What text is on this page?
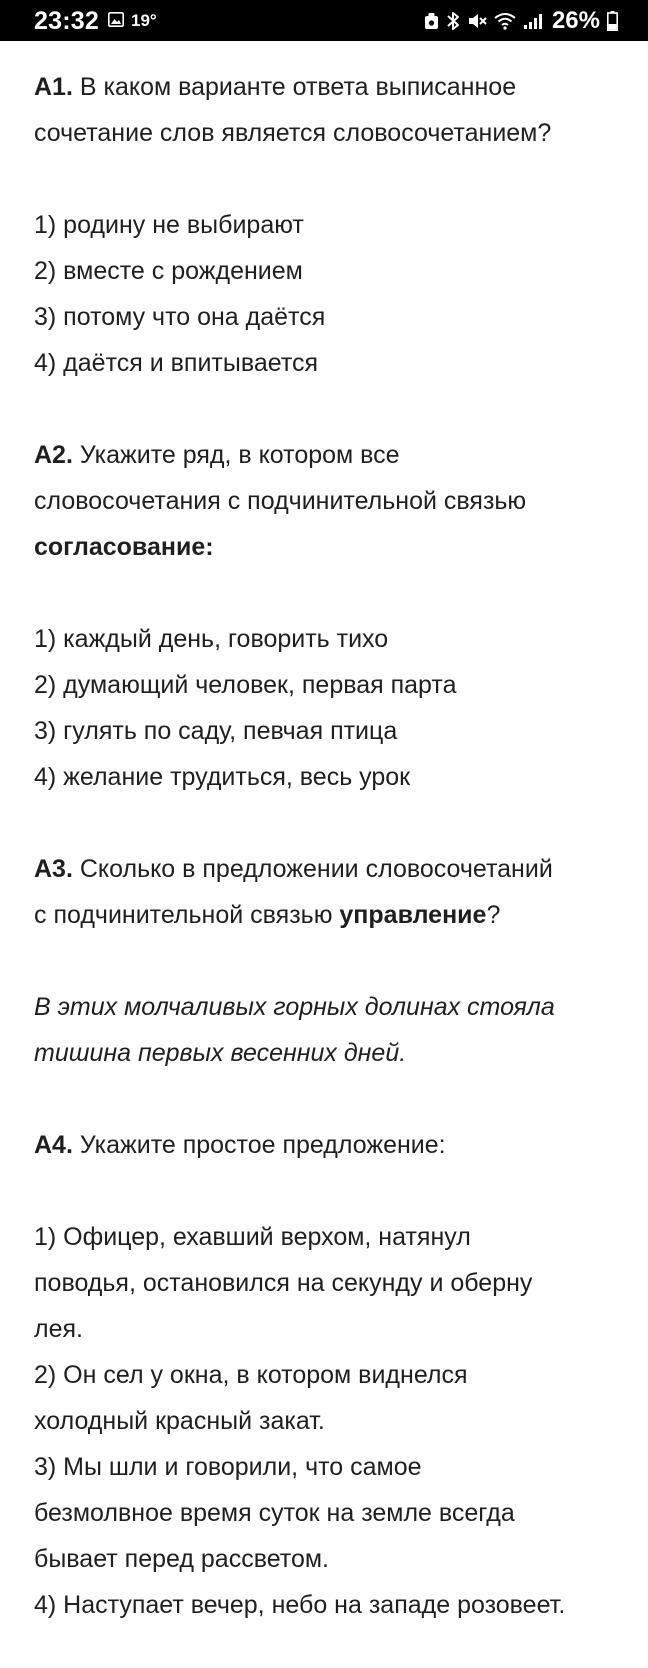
23:32 19°	26%
А1. В каком варианте ответа выписанное
сочетание слов является словосочетанием?
1) родину не выбирают
2) вместе с рождением
3) потому что она даётся
4) даётся и впитывается
А2. Укажите ряд, в котором все
словосочетания с подчинительной связью
согласование:
1) каждый день, говорить тихо
2) думающий человек, первая парта
3) гулять по саду, певчая птица
4) желание трудиться, весь урок
А3. Сколько в предложении словосочетаний
с подчинительной связью управление?
В этих молчаливых горных долинах стояла
тишина первых весенних дней.
А4. Укажите простое предложение:
1) Офицер, ехавший верхом, натянул
поводья, остановился на секунду и оберну
лея.
2) Он сел у окна, в котором виднелся
холодный красный закат.
3) Мы шли и говорили, что самое
безмолвное время суток на земле всегда
бывает перед рассветом.
4) Наступает вечер, небо на западе розовеет.
